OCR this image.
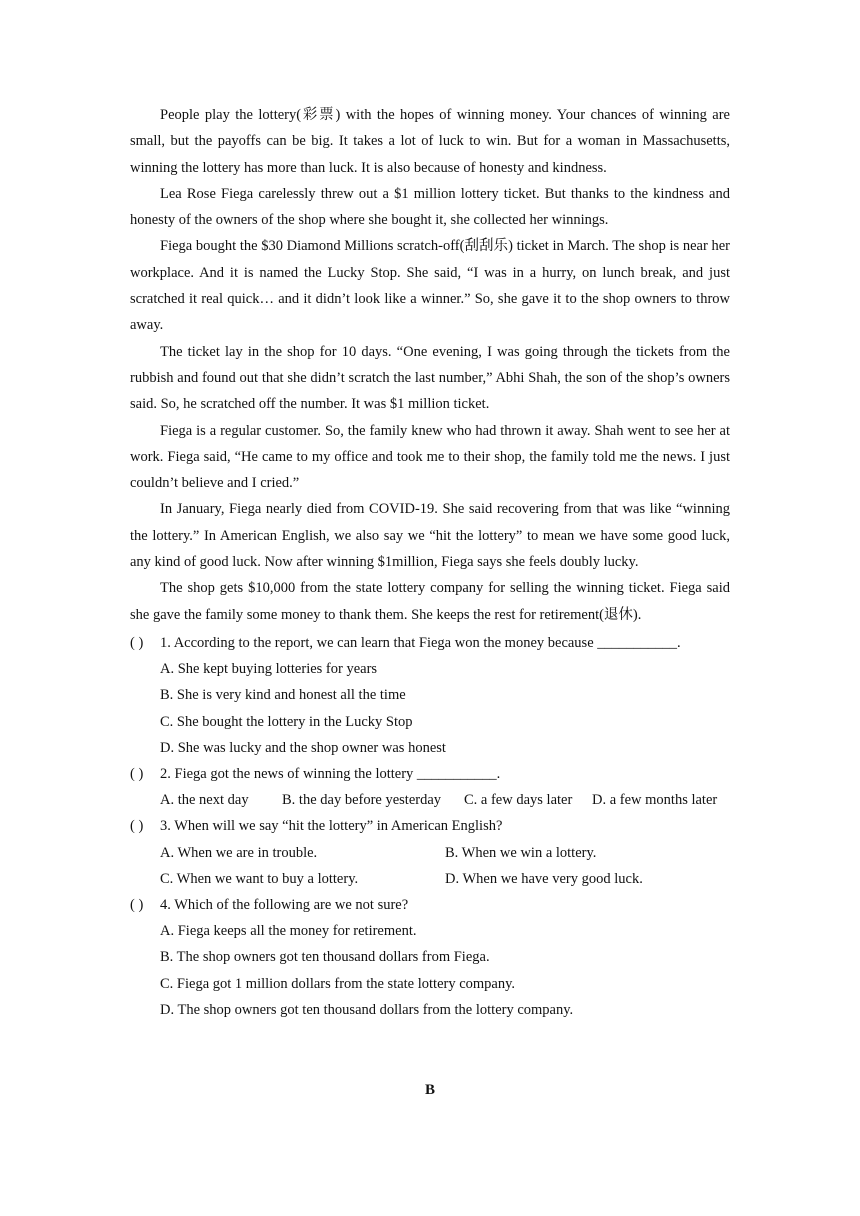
People play the lottery(彩票) with the hopes of winning money. Your chances of winning are small, but the payoffs can be big. It takes a lot of luck to win. But for a woman in Massachusetts, winning the lottery has more than luck. It is also because of honesty and kindness.

Lea Rose Fiega carelessly threw out a $1 million lottery ticket. But thanks to the kindness and honesty of the owners of the shop where she bought it, she collected her winnings.

Fiega bought the $30 Diamond Millions scratch-off(刮刮乐) ticket in March. The shop is near her workplace. And it is named the Lucky Stop. She said, “I was in a hurry, on lunch break, and just scratched it real quick… and it didn’t look like a winner.” So, she gave it to the shop owners to throw away.

The ticket lay in the shop for 10 days. “One evening, I was going through the tickets from the rubbish and found out that she didn’t scratch the last number,” Abhi Shah, the son of the shop’s owners said. So, he scratched off the number. It was $1 million ticket.

Fiega is a regular customer. So, the family knew who had thrown it away. Shah went to see her at work. Fiega said, “He came to my office and took me to their shop, the family told me the news. I just couldn’t believe and I cried.”

In January, Fiega nearly died from COVID-19. She said recovering from that was like “winning the lottery.” In American English, we also say we “hit the lottery” to mean we have some good luck, any kind of good luck. Now after winning $1million, Fiega says she feels doubly lucky.

The shop gets $10,000 from the state lottery company for selling the winning ticket. Fiega said she gave the family some money to thank them. She keeps the rest for retirement(退休).

( ) 1. According to the report, we can learn that Fiega won the money because ___________.

A. She kept buying lotteries for years

B. She is very kind and honest all the time

C. She bought the lottery in the Lucky Stop

D. She was lucky and the shop owner was honest

( ) 2. Fiega got the news of winning the lottery ___________.

A. the next day	B. the day before yesterday	C. a few days later	D. a few months later

( ) 3. When will we say “hit the lottery” in American English?

A. When we are in trouble.	B. When we win a lottery.
C. When we want to buy a lottery.	D. When we have very good luck.

( ) 4. Which of the following are we not sure?

A. Fiega keeps all the money for retirement.

B. The shop owners got ten thousand dollars from Fiega.

C. Fiega got 1 million dollars from the state lottery company.

D. The shop owners got ten thousand dollars from the lottery company.

B
